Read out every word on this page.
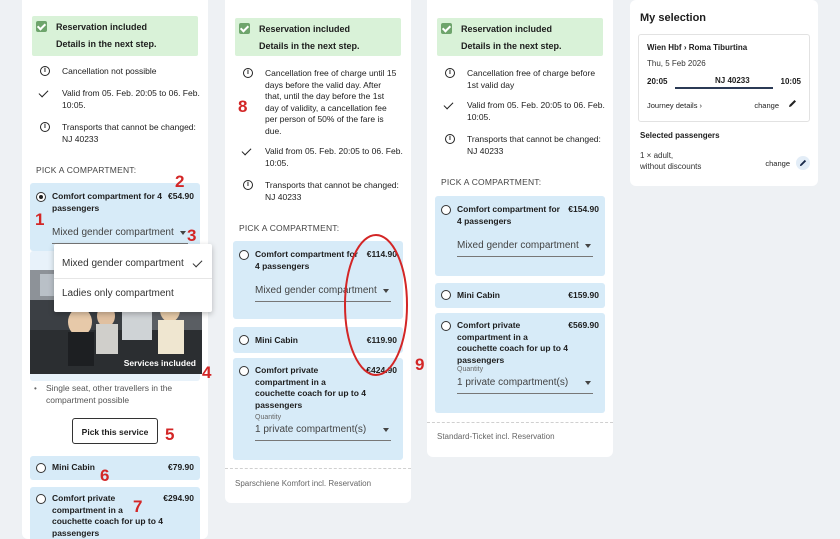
Reservation included
Details in the next step.
i	Cancellation not possible
Valid from 05. Feb. 20:05 to 06. Feb.
10:05.
i	Transports that cannot be changed:
NJ 40233
PICK A COMPARTMENT:
Comfort compartment for 4
passengers
€54.90
Mixed gender compartment
•	Single seat, other travellers in the
compartment possible
Mini Cabin	€79.90
Comfort private
compartment in a
couchette coach for up to 4
passengers
€294.90
Services included
Mixed gender compartment
Ladies only compartment
Pick this service
Reservation included
Details in the next step.
i	Cancellation free of charge until 15
days before the valid day. After
that, until the day before the 1st
day of validity, a cancellation fee
per person of 50% of the fare is
due.
Valid from 05. Feb. 20:05 to 06. Feb.
10:05.
i	Transports that cannot be changed:
NJ 40233
PICK A COMPARTMENT:
Comfort compartment for
4 passengers
€114.90
Mixed gender compartment
Mini Cabin	€119.90
Comfort private
compartment in a
couchette coach for up to 4
passengers
€424.90
Quantity
1 private compartment(s)
Sparschiene Komfort incl. Reservation
Reservation included
Details in the next step.
i	Cancellation free of charge before
1st valid day
Valid from 05. Feb. 20:05 to 06. Feb.
10:05.
i	Transports that cannot be changed:
NJ 40233
PICK A COMPARTMENT:
Comfort compartment for
4 passengers
€154.90
Mixed gender compartment
Mini Cabin	€159.90
Comfort private
compartment in a
couchette coach for up to 4
passengers
€569.90
Quantity
1 private compartment(s)
Standard-Ticket incl. Reservation
My selection
Wien Hbf › Roma Tiburtina
Thu, 5 Feb 2026
20:05	NJ 40233	10:05
Journey details ›	change
Selected passengers
1 × adult,
without discounts	change
1
2
3
4
5
6
7
8
9
